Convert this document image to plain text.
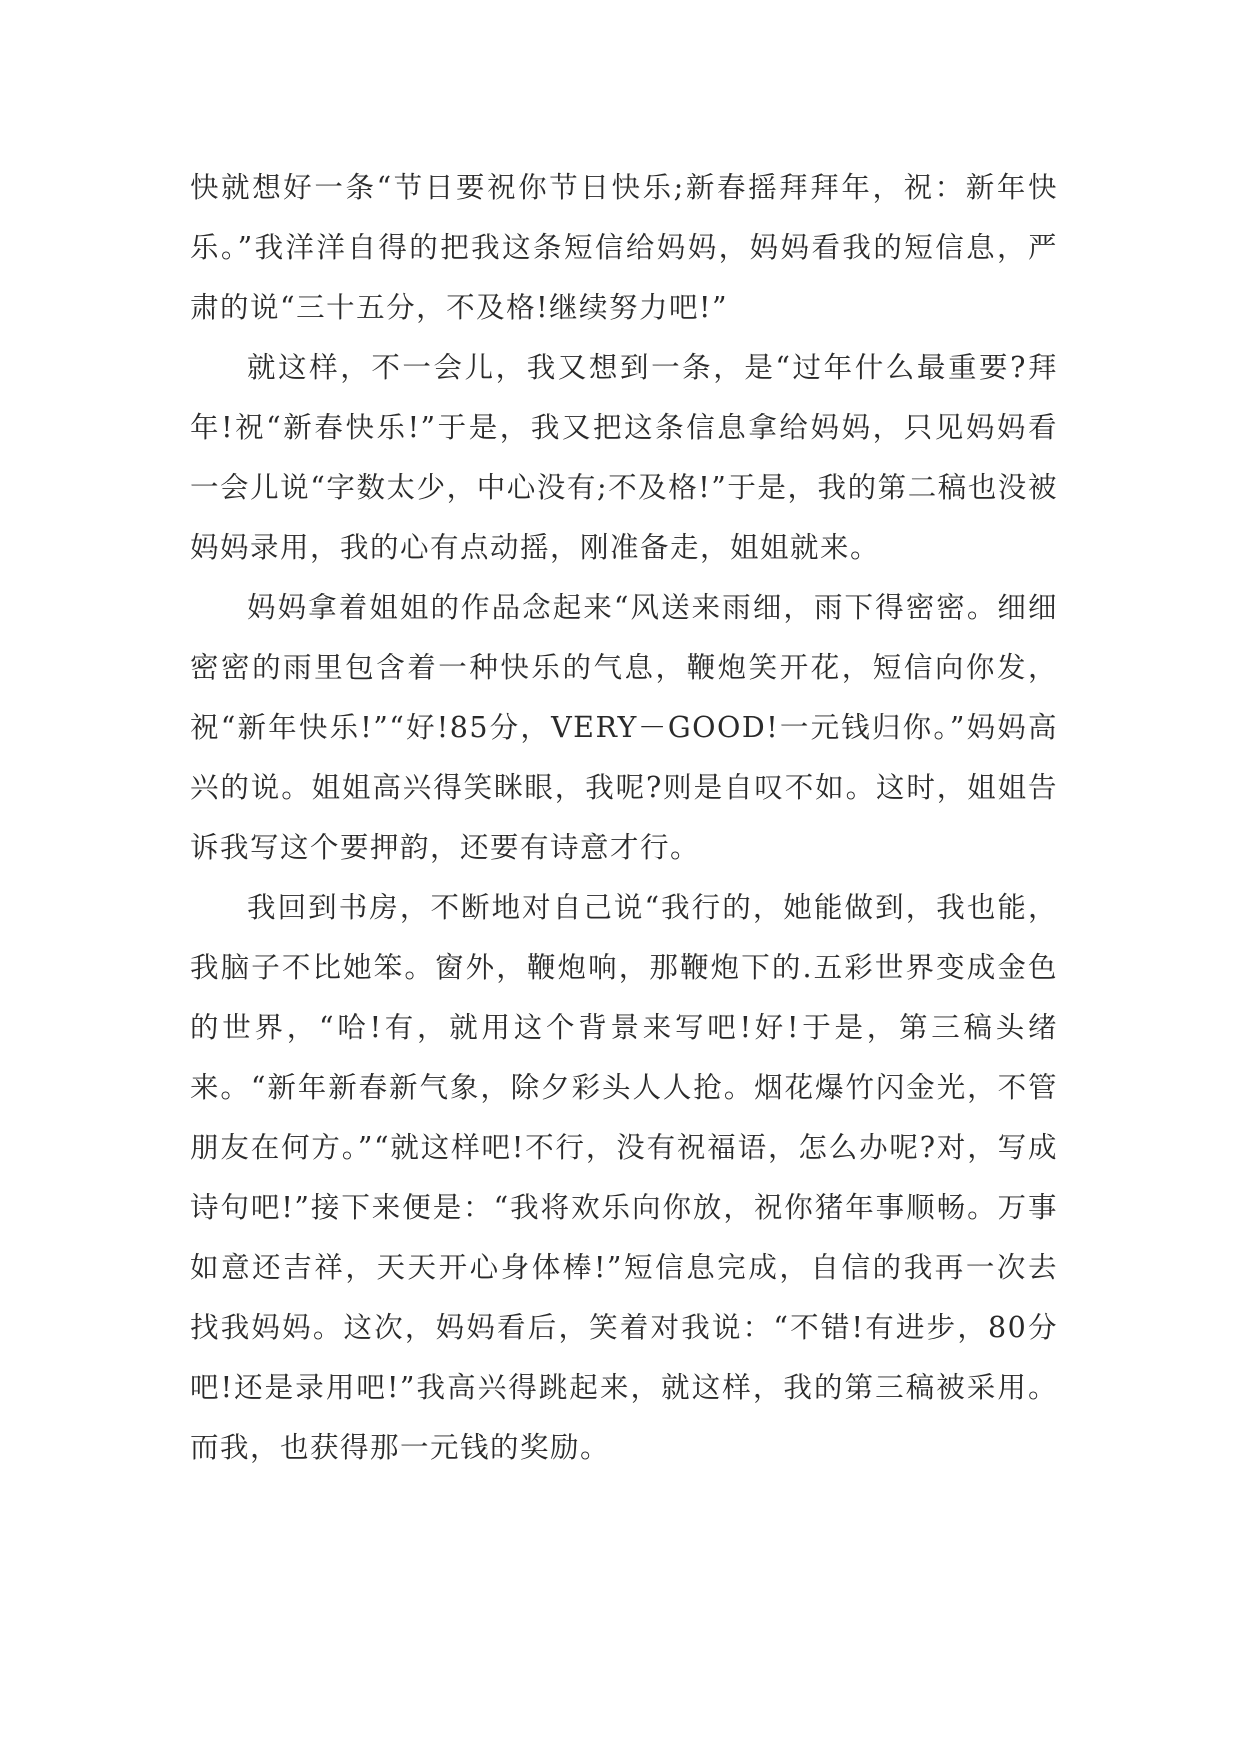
快就想好一条“节日要祝你节日快乐;新春摇拜拜年，祝：新年快乐。”我洋洋自得的把我这条短信给妈妈，妈妈看我的短信息，严肃的说“三十五分，不及格!继续努力吧!”

就这样，不一会儿，我又想到一条，是“过年什么最重要?拜年!祝“新春快乐!”于是，我又把这条信息拿给妈妈，只见妈妈看一会儿说“字数太少，中心没有;不及格!”于是，我的第二稿也没被妈妈录用，我的心有点动摇，刚准备走，姐姐就来。

妈妈拿着姐姐的作品念起来“风送来雨细，雨下得密密。细细密密的雨里包含着一种快乐的气息，鞭炮笑开花，短信向你发，祝“新年快乐!”“好!85分，VERY－GOOD!一元钱归你。”妈妈高兴的说。姐姐高兴得笑眯眼，我呢?则是自叹不如。这时，姐姐告诉我写这个要押韵，还要有诗意才行。

我回到书房，不断地对自己说“我行的，她能做到，我也能，我脑子不比她笨。窗外，鞭炮响，那鞭炮下的.五彩世界变成金色的世界，“哈!有，就用这个背景来写吧!好!于是，第三稿头绪来。“新年新春新气象，除夕彩头人人抢。烟花爆竹闪金光，不管朋友在何方。”“就这样吧!不行，没有祝福语，怎么办呢?对，写成诗句吧!”接下来便是：“我将欢乐向你放，祝你猪年事顺畅。万事如意还吉祥，天天开心身体棒!”短信息完成，自信的我再一次去找我妈妈。这次，妈妈看后，笑着对我说：“不错!有进步，80分吧!还是录用吧!”我高兴得跳起来，就这样，我的第三稿被采用。而我，也获得那一元钱的奖励。
